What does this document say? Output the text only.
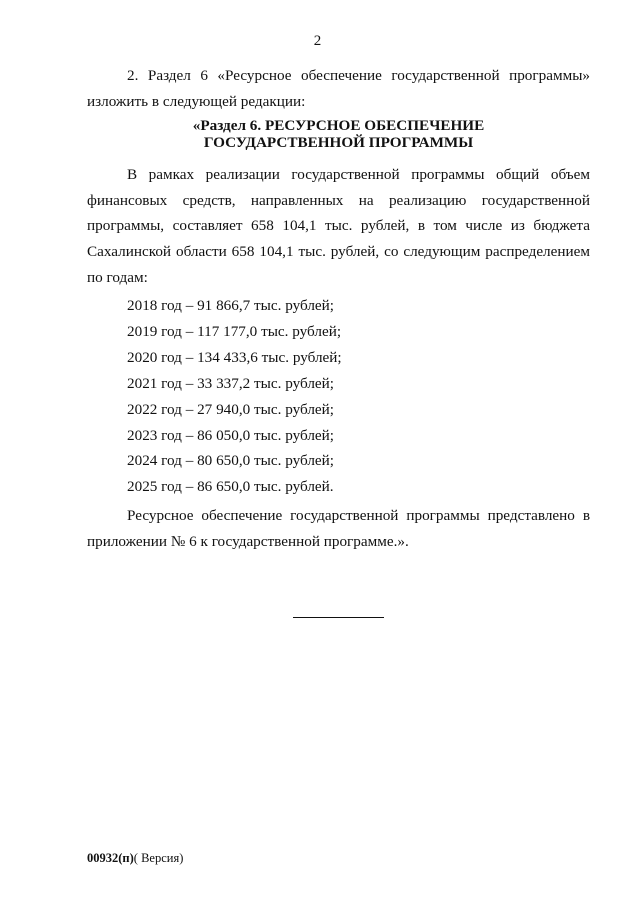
2

2. Раздел 6 «Ресурсное обеспечение государственной программы» изложить в следующей редакции:

«Раздел 6. РЕСУРСНОЕ ОБЕСПЕЧЕНИЕ
ГОСУДАРСТВЕННОЙ ПРОГРАММЫ

В рамках реализации государственной программы общий объем финансовых средств, направленных на реализацию государственной программы, составляет 658 104,1 тыс. рублей, в том числе из бюджета Сахалинской области 658 104,1 тыс. рублей, со следующим распределением по годам:

2018 год – 91 866,7 тыс. рублей;
2019 год – 117 177,0 тыс. рублей;
2020 год – 134 433,6 тыс. рублей;
2021 год – 33 337,2 тыс. рублей;
2022 год – 27 940,0 тыс. рублей;
2023 год – 86 050,0 тыс. рублей;
2024 год – 80 650,0 тыс. рублей;
2025 год – 86 650,0 тыс. рублей.

Ресурсное обеспечение государственной программы представлено в приложении № 6 к государственной программе.».

00932(п)( Версия)
